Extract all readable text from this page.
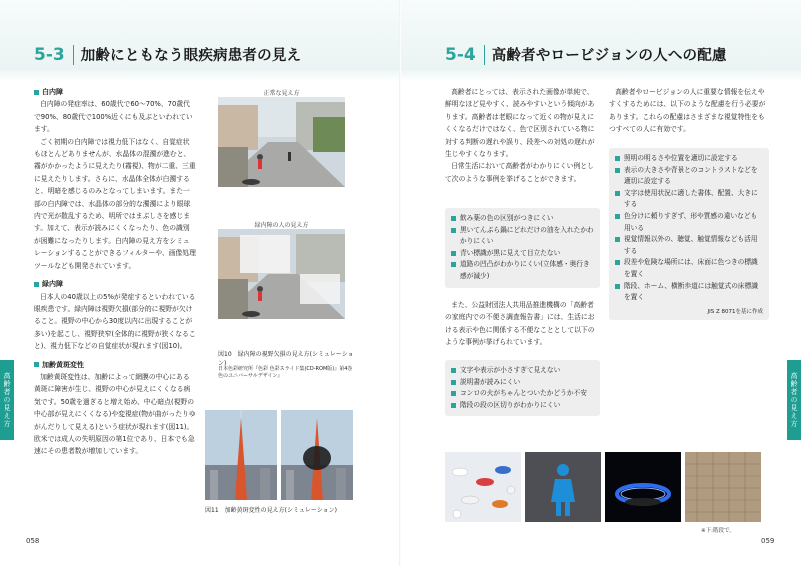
5-3 加齢にともなう眼疾病患者の見え
白内障

白内障の発症率は、60歳代で60〜70%、70歳代で90%、80歳代で100%近くにも及ぶといわれています。

ごく初期の白内障では視力低下はなく、自覚症状もほとんどありませんが、水晶体の混濁が進むと、霧がかかったように見えたり(霧視)、物が二重、三重に見えたりします。さらに、水晶体全体が白濁すると、明暗を感じるのみとなってしまいます。また一部の白内障では、水晶体の部分的な濁濁により眼球内で光が散乱するため、明所ではまぶしさを感じます。加えて、表示が読みにくくなったり、色の識別が困難になったりします。白内障の見え方をシミュレーションすることができるフィルターや、画像処理ツールなども開発されています。

緑内障

日本人の40歳以上の5%が発症するといわれている眼疾患です。緑内障は視野欠損(部分的に視野が欠けること。視野の中心から30度以内に出現することが多い)を起こし、視野狭窄(全体的に視野が狭くなること)、視力低下などの自覚症状が現れます(図10)。

加齢黄斑変性

加齢黄斑変性は、加齢によって網膜の中心にある黄斑に障害が生じ、視野の中心が見えにくくなる病気です。50歳を過ぎると増え始め、中心暗点(視野の中心部が見えにくくなる)や変視症(物が曲がったりゆがんだりして見える)という症状が現れます(図11)。欧米では成人の失明原因の第1位であり、日本でも急速にその患者数が増加しています。

正常な見え方
緑内障の人の見え方
図10　緑内障の視野欠損の見え方(シミュレーション)
日本色彩研究所『色彩 色彩スライド集(CD-ROM版)』第4巻 色のユニバーサルデザイン』
図11　加齢黄斑変性の見え方(シミュレーション)
高齢者の見え方
058
5-4 高齢者やロービジョンの人への配慮

高齢者にとっては、表示された画像が単純で、鮮明なほど見やすく、読みやすいという傾向があります。高齢者は老眼になって近くの物が見えにくくなるだけではなく、色で区別されている物に対する判断の遅れや誤り、段差への対処の遅れが生じやすくなります。

日常生活において高齢者がわかりにくい例として次のような事例を挙げることができます。

飲み薬の色の区別がつきにくい
黒いてんぷら鍋にどれだけの油を入れたかわかりにくい
青い標識が黒に見えて目立たない
道路の凹凸がわかりにくい(立体感・奥行き感が減少)

また、公益財団法人共用品推進機構の「高齢者の家庭内での不便さ調査報告書」には、生活における表示や色に関係する不便なこととして以下のような事例が挙げられています。

文字や表示が小さすぎて見えない
説明書が読みにくい
コンロの火がちゃんとついたかどうか不安
階段の段の区切りがわかりにくい

高齢者やロービジョンの人に重要な情報を伝えやすくするためには、以下のような配慮を行う必要があります。これらの配慮はさまざまな視覚特性をもつすべての人に有効です。

照明の明るさや位置を適切に設定する
表示の大きさや背景とのコントラストなどを適切に設定する
文字は使用状況に適した書体、配置、大きにする
色分けに頼りすぎず、形や質感の違いなども用いる
視覚情報以外の、聴覚、触覚情報なども活用する
段差や危険な場所には、床面に色つきの標識を置く
階段、ホーム、横断歩道には触覚式の床標識を置く
JIS Z 8071を基に作成
※下:階段で。
高齢者の見え方
059
